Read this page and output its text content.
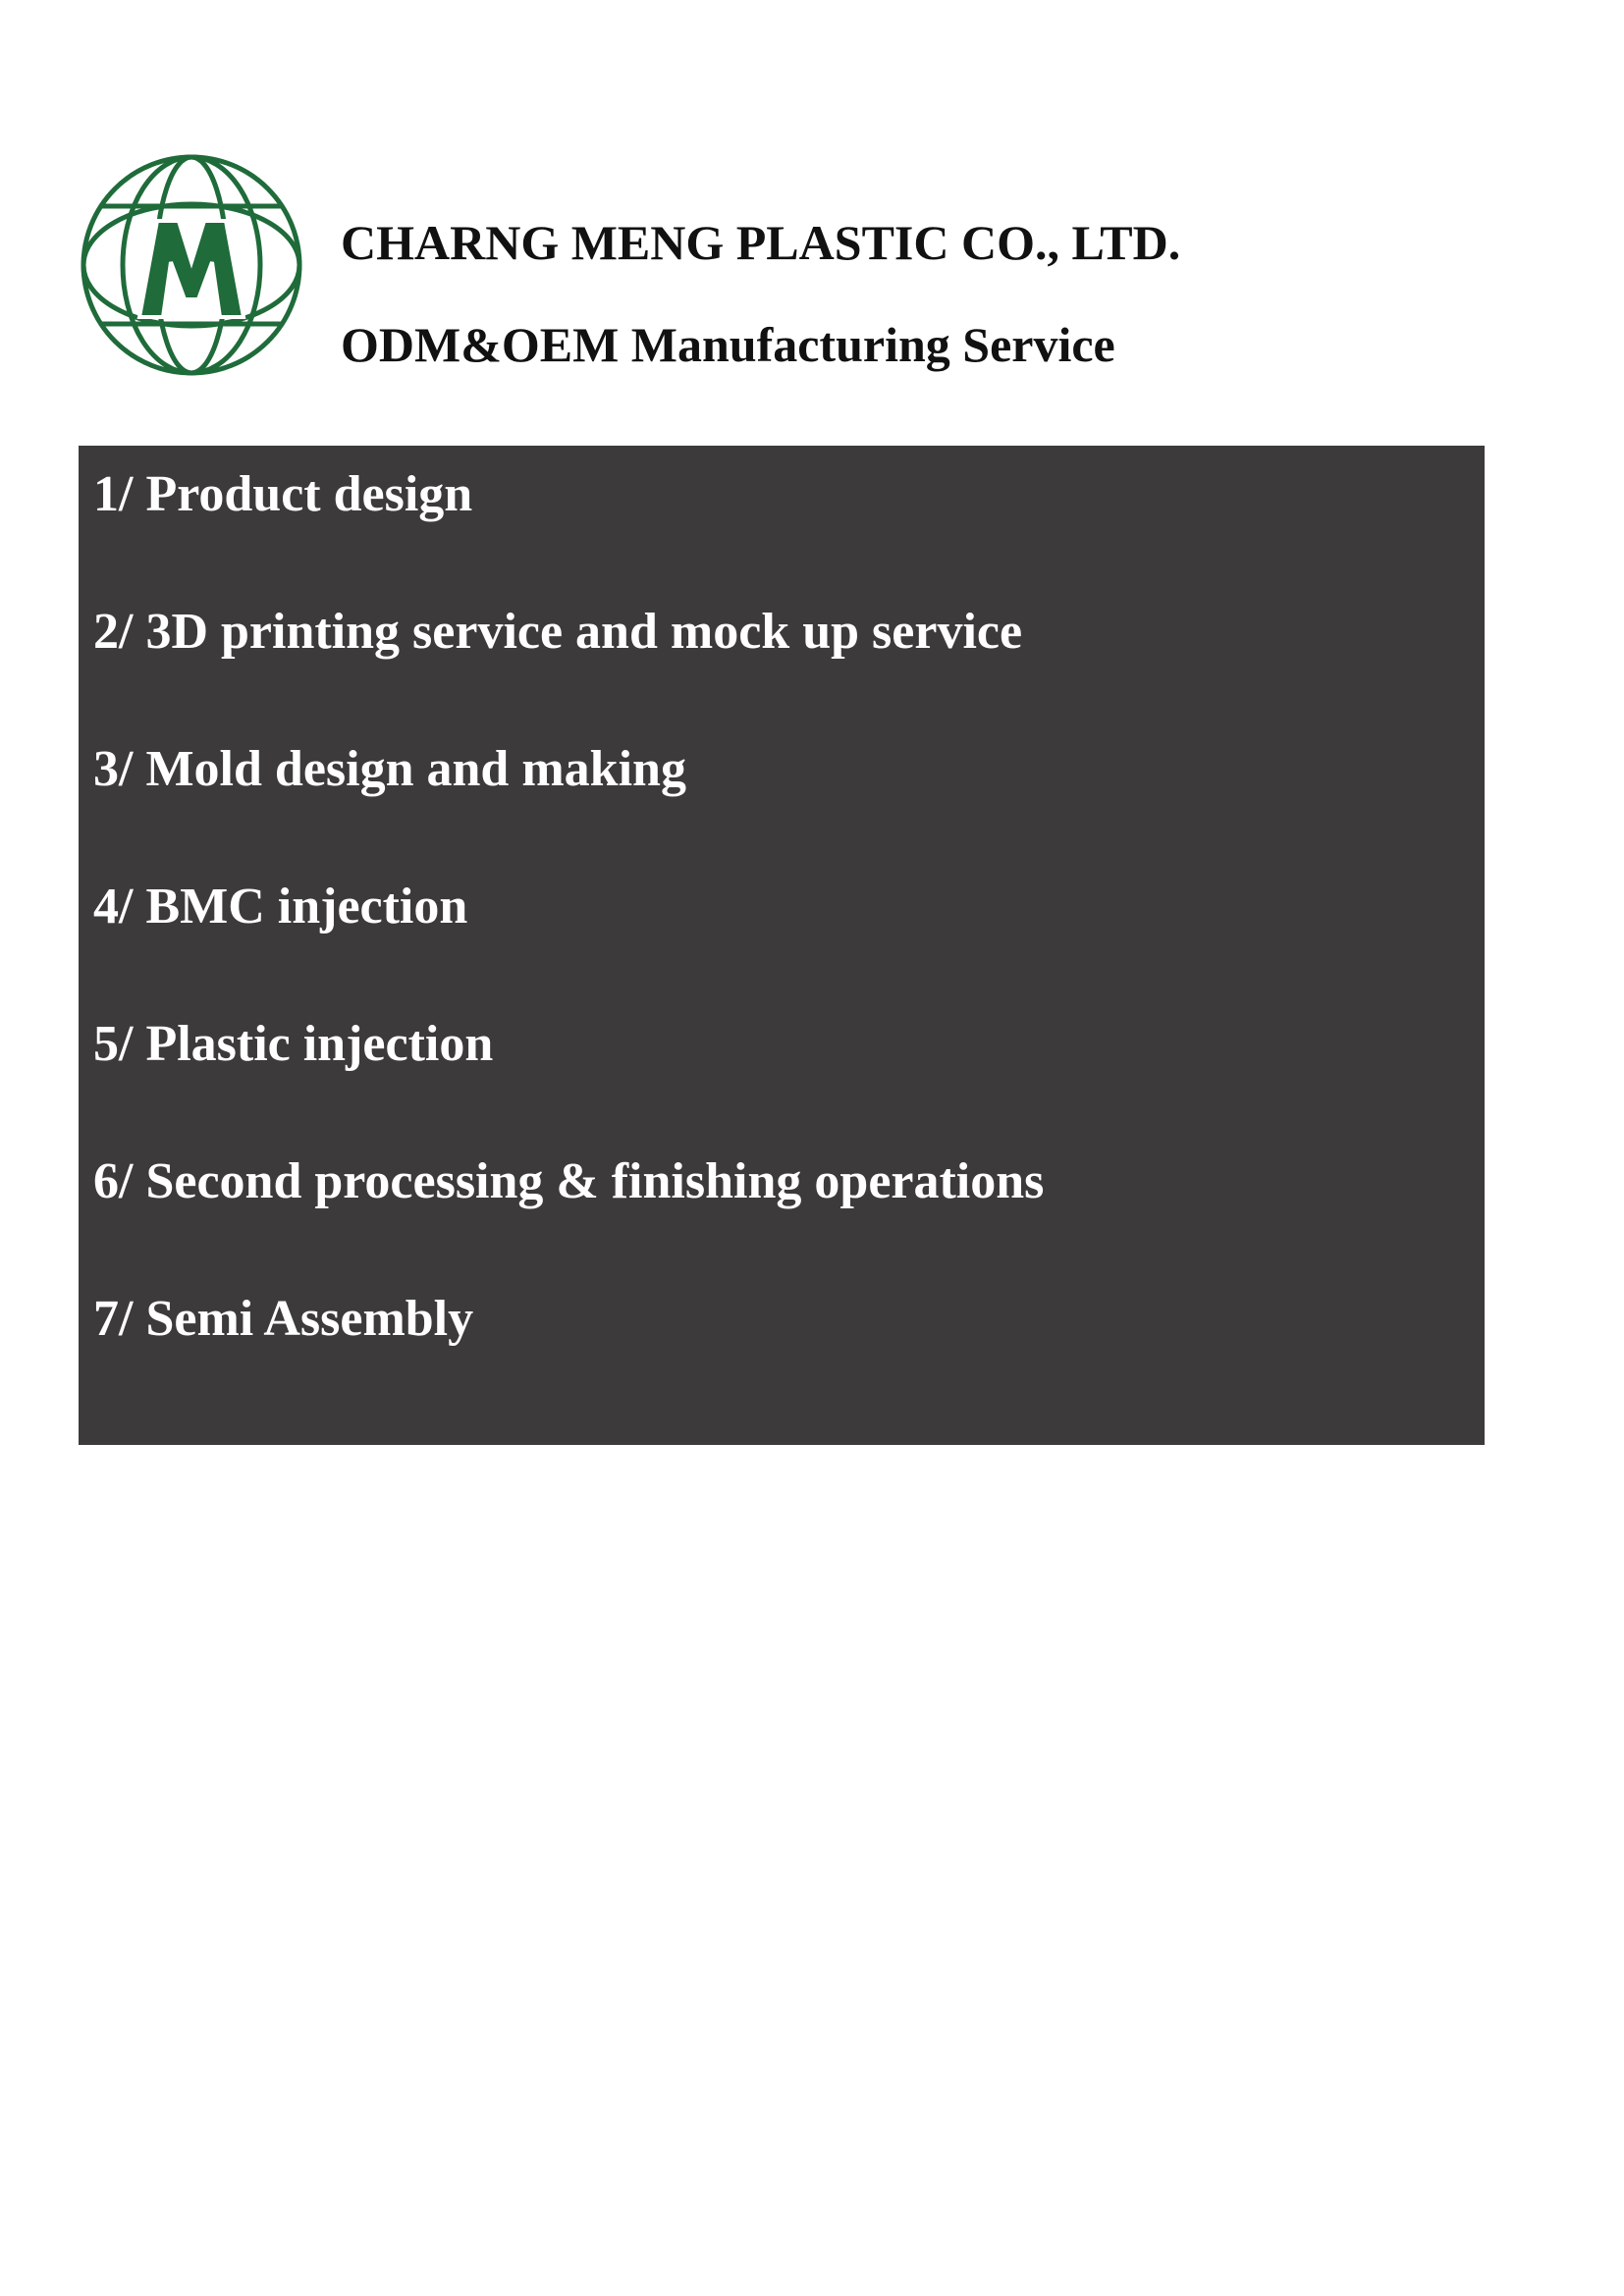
CHARNG MENG PLASTIC CO., LTD.
ODM&OEM Manufacturing Service
1/ Product design
2/ 3D printing service and mock up service
3/ Mold design and making
4/ BMC injection
5/ Plastic injection
6/ Second processing & finishing operations
7/ Semi Assembly
